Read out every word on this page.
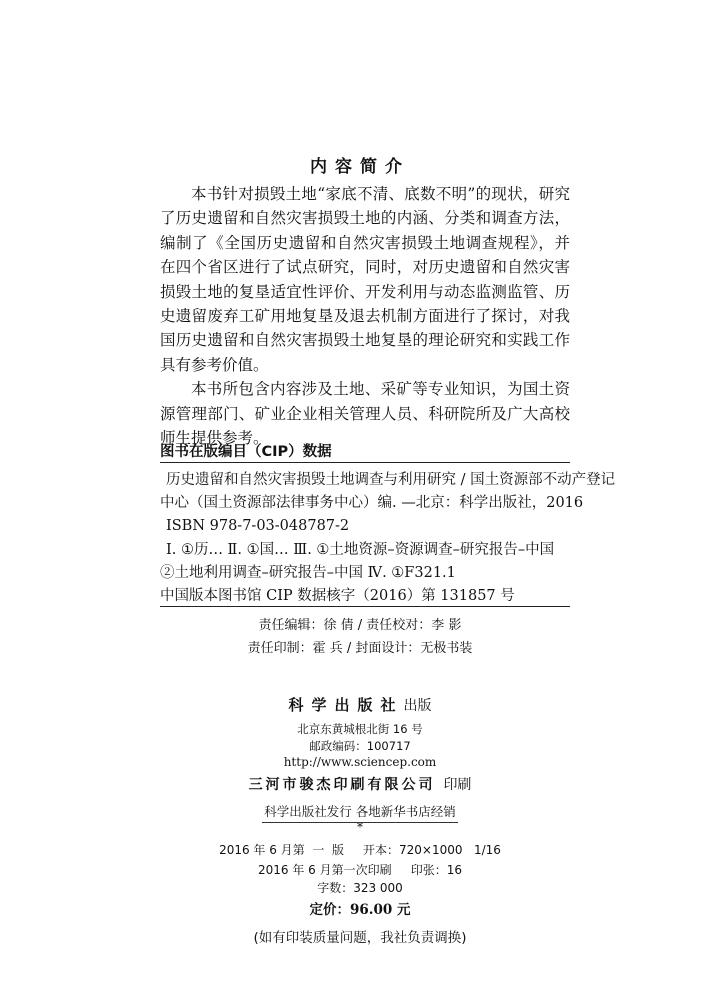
内容简介

本书针对损毁土地“家底不清、底数不明”的现状，研究了历史遗留和自然灾害损毁土地的内涵、分类和调查方法，编制了《全国历史遗留和自然灾害损毁土地调查规程》，并在四个省区进行了试点研究，同时，对历史遗留和自然灾害损毁土地的复垦适宜性评价、开发利用与动态监测监管、历史遗留废弃工矿用地复垦及退去机制方面进行了探讨，对我国历史遗留和自然灾害损毁土地复垦的理论研究和实践工作具有参考价值。

本书所包含内容涉及土地、采矿等专业知识，为国土资源管理部门、矿业企业相关管理人员、科研院所及广大高校师生提供参考。

图书在版编目（CIP）数据
历史遗留和自然灾害损毁土地调查与利用研究 / 国土资源部不动产登记
中心（国土资源部法律事务中心）编. —北京：科学出版社，2016
ISBN 978-7-03-048787-2
Ⅰ. ①历… Ⅱ. ①国… Ⅲ. ①土地资源–资源调查–研究报告–中国
②土地利用调查–研究报告–中国 Ⅳ. ①F321.1
中国版本图书馆 CIP 数据核字（2016）第 131857 号
责任编辑：徐 倩 / 责任校对：李 影
责任印制：霍 兵 / 封面设计：无极书装
科学出版社出版
北京东黄城根北街 16 号
邮政编码：100717
http://www.sciencep.com
三河市骏杰印刷有限公司 印刷
科学出版社发行 各地新华书店经销
*
2016 年 6 月第  一  版     开本：720×1000   1/16
2016 年 6 月第一次印刷     印张：16
字数：323 000
定价：96.00 元
(如有印装质量问题，我社负责调换)
